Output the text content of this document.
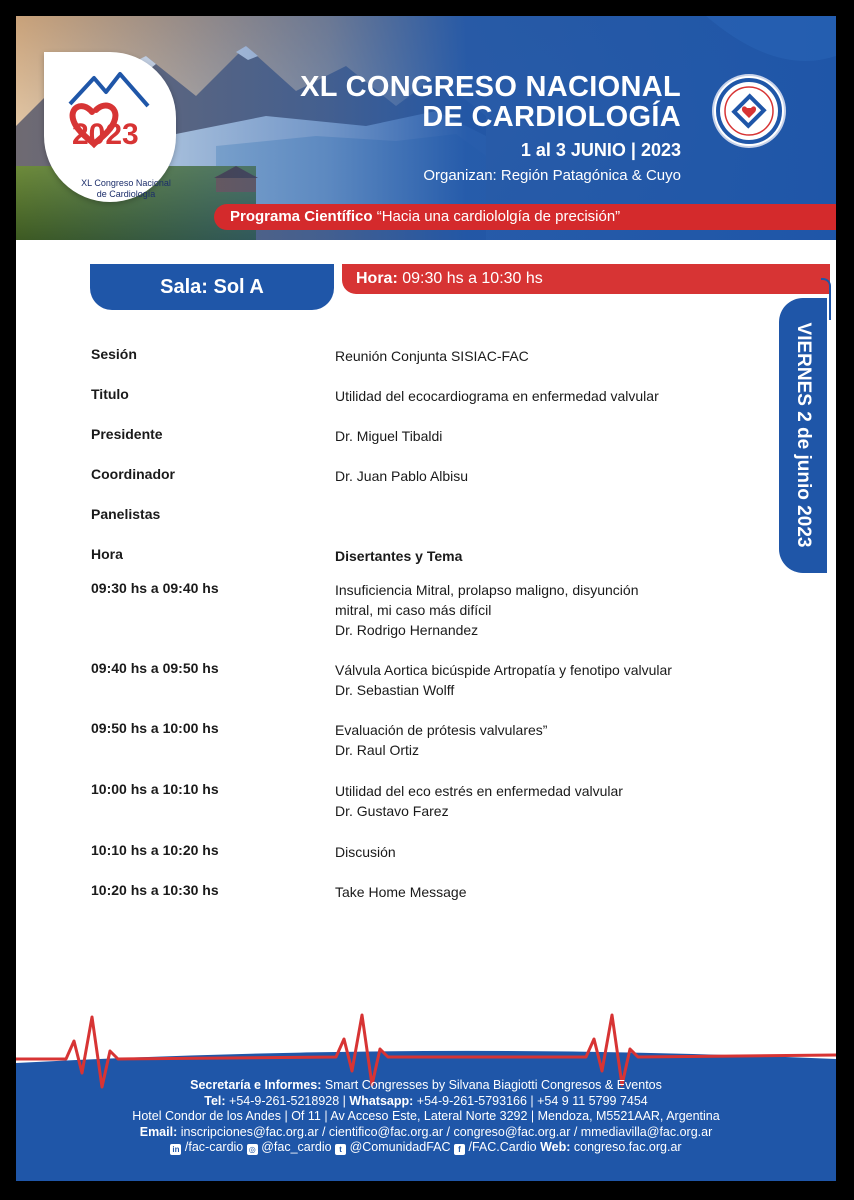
2023
XL Congreso Nacional
de Cardiología
XL CONGRESO NACIONAL
DE CARDIOLOGÍA
1 al 3 JUNIO | 2023
Organizan: Región Patagónica & Cuyo
Programa Científico “Hacia una cardiololgía de precisión”
Sala: Sol A	Hora: 09:30 hs a 10:30 hs
VIERNES 2 de junio 2023
Sesión	Reunión Conjunta SISIAC-FAC
Titulo	Utilidad del ecocardiograma en enfermedad valvular
Presidente	Dr. Miguel Tibaldi
Coordinador	Dr. Juan Pablo Albisu
Panelistas
Hora	Disertantes y Tema
09:30 hs a 09:40 hs	Insuficiencia Mitral, prolapso maligno, disyunción
mitral, mi caso más difícil
Dr. Rodrigo Hernandez
09:40 hs a 09:50 hs	Válvula Aortica bicúspide Artropatía y fenotipo valvular
Dr. Sebastian Wolff
09:50 hs a 10:00 hs	Evaluación de prótesis valvulares”
Dr. Raul Ortiz
10:00 hs a 10:10 hs	Utilidad del eco estrés en enfermedad valvular
Dr. Gustavo Farez
10:10 hs a 10:20 hs	Discusión
10:20 hs a 10:30 hs	Take Home Message
Secretaría e Informes: Smart Congresses by Silvana Biagiotti Congresos & Eventos
Tel: +54-9-261-5218928 | Whatsapp: +54-9-261-5793166 | +54 9 11 5799 7454
Hotel Condor de los Andes | Of 11 | Av Acceso Este, Lateral Norte 3292 | Mendoza, M5521AAR, Argentina
Email: inscripciones@fac.org.ar / cientifico@fac.org.ar / congreso@fac.org.ar / mmediavilla@fac.org.ar
in /fac-cardio ◎ @fac_cardio t @ComunidadFAC f /FAC.Cardio Web: congreso.fac.org.ar
